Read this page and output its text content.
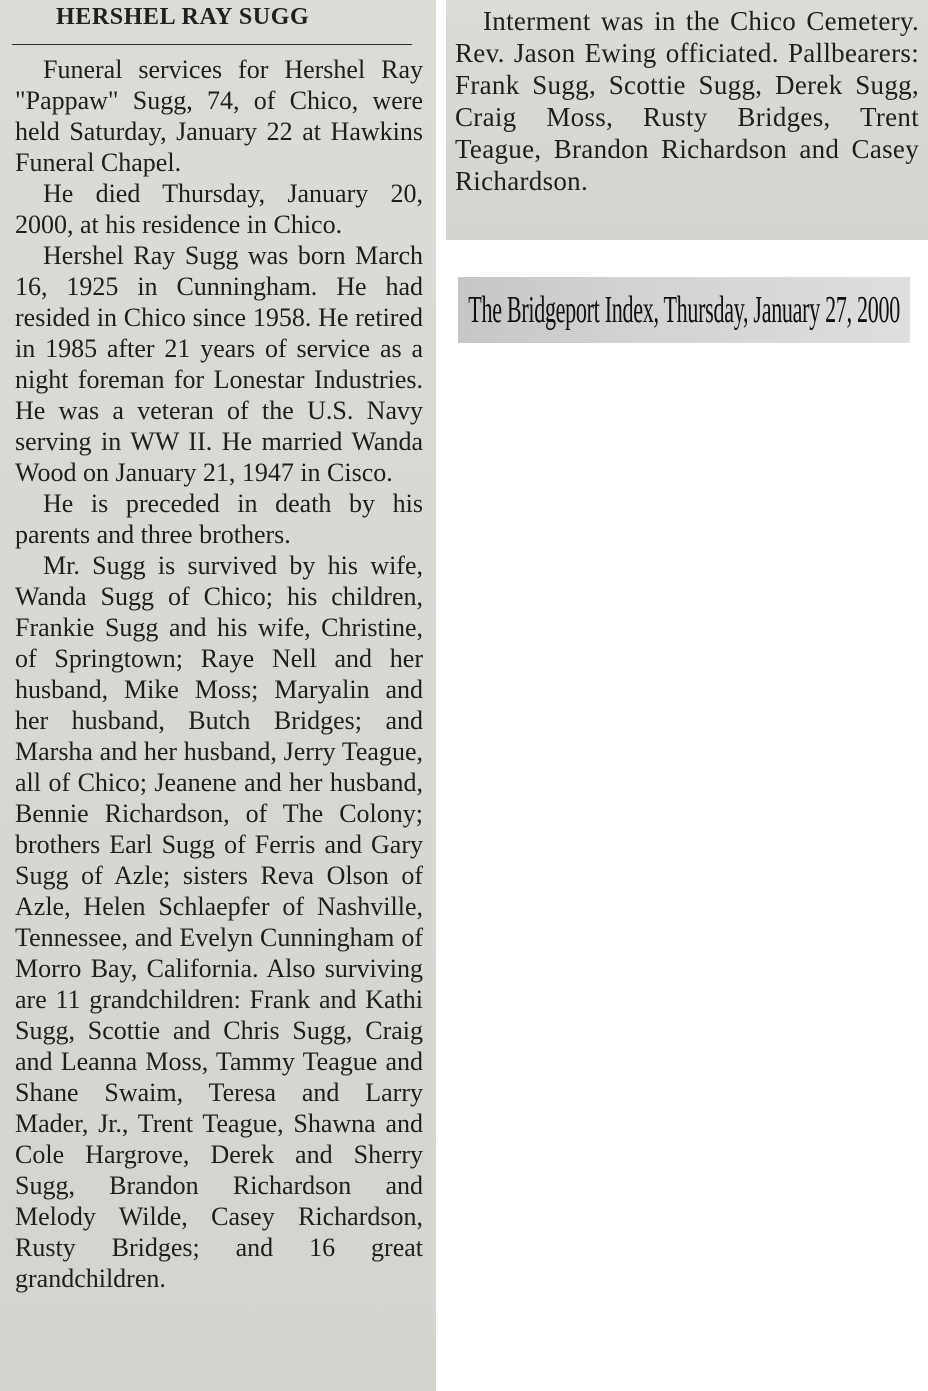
HERSHEL RAY SUGG

Funeral services for Hershel Ray "Pappaw" Sugg, 74, of Chico, were held Saturday, January 22 at Hawkins Funeral Chapel.

He died Thursday, January 20, 2000, at his residence in Chico.

Hershel Ray Sugg was born March 16, 1925 in Cunningham. He had resided in Chico since 1958. He retired in 1985 after 21 years of service as a night foreman for Lonestar Industries. He was a veteran of the U.S. Navy serving in WW II. He married Wanda Wood on January 21, 1947 in Cisco.

He is preceded in death by his parents and three brothers.

Mr. Sugg is survived by his wife, Wanda Sugg of Chico; his children, Frankie Sugg and his wife, Christine, of Springtown; Raye Nell and her husband, Mike Moss; Maryalin and her husband, Butch Bridges; and Marsha and her husband, Jerry Teague, all of Chico; Jeanene and her husband, Bennie Richardson, of The Colony; brothers Earl Sugg of Ferris and Gary Sugg of Azle; sisters Reva Olson of Azle, Helen Schlaepfer of Nashville, Tennessee, and Evelyn Cunningham of Morro Bay, California. Also surviving are 11 grandchildren: Frank and Kathi Sugg, Scottie and Chris Sugg, Craig and Leanna Moss, Tammy Teague and Shane Swaim, Teresa and Larry Mader, Jr., Trent Teague, Shawna and Cole Hargrove, Derek and Sherry Sugg, Brandon Richardson and Melody Wilde, Casey Richardson, Rusty Bridges; and 16 great grandchildren.

Interment was in the Chico Cemetery. Rev. Jason Ewing officiated. Pallbearers: Frank Sugg, Scottie Sugg, Derek Sugg, Craig Moss, Rusty Bridges, Trent Teague, Brandon Richardson and Casey Richardson.

The Bridgeport Index, Thursday, January 27, 2000
